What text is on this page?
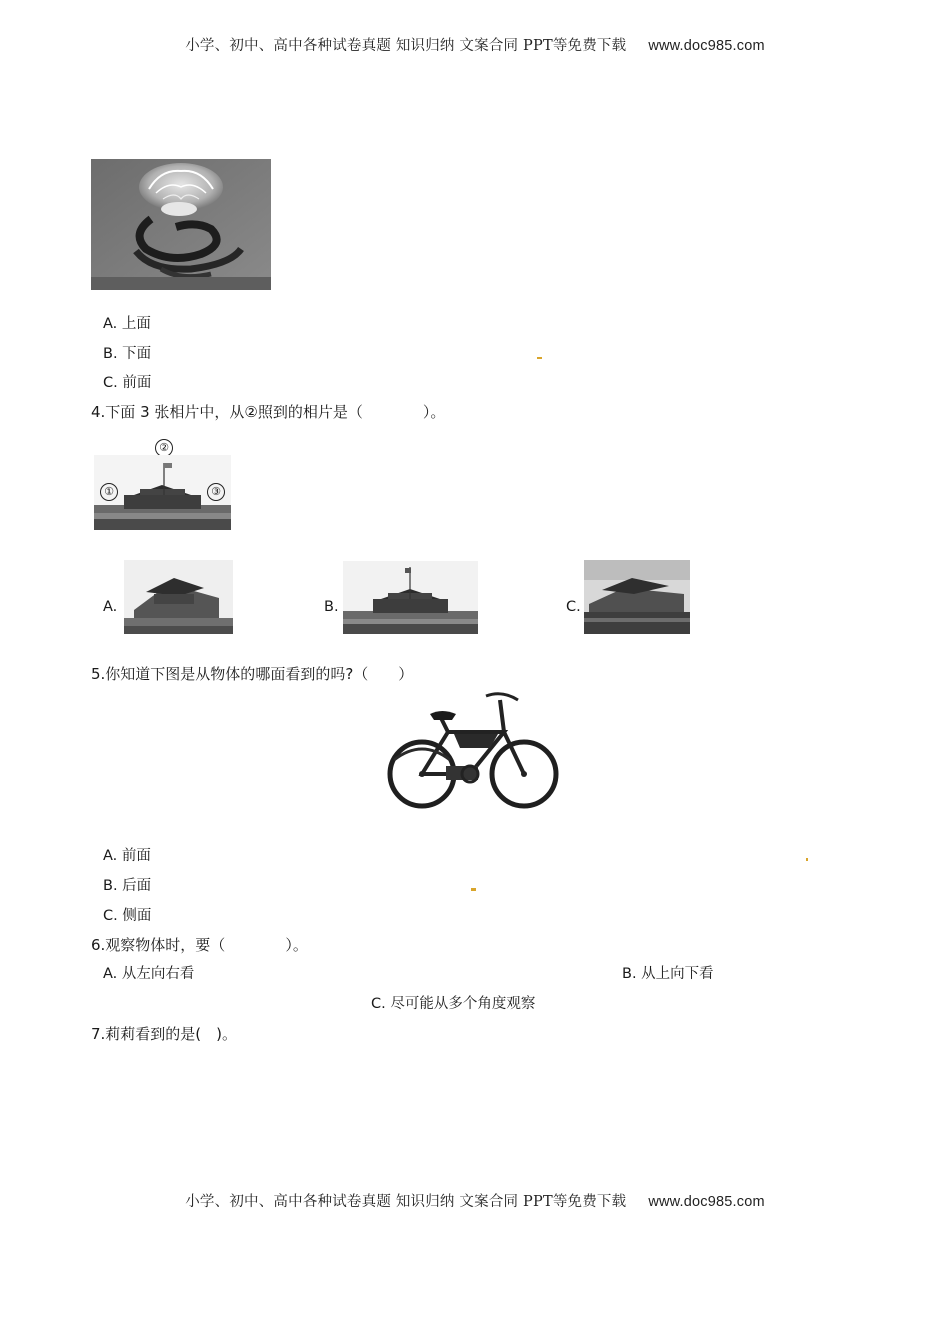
小学、初中、高中各种试卷真题 知识归纳 文案合同 PPT等免费下载 www.doc985.com
A. 上面
B. 下面
C. 前面
4.下面 3 张相片中，从②照到的相片是（　　　　）。
②
①	③
A.	B.	C.
5.你知道下图是从物体的哪面看到的吗?（　　）
A. 前面
B. 后面
C. 侧面
6.观察物体时，要（　　　　）。
A. 从左向右看	B. 从上向下看
C. 尽可能从多个角度观察
7.莉莉看到的是(　)。
小学、初中、高中各种试卷真题 知识归纳 文案合同 PPT等免费下载 www.doc985.com
